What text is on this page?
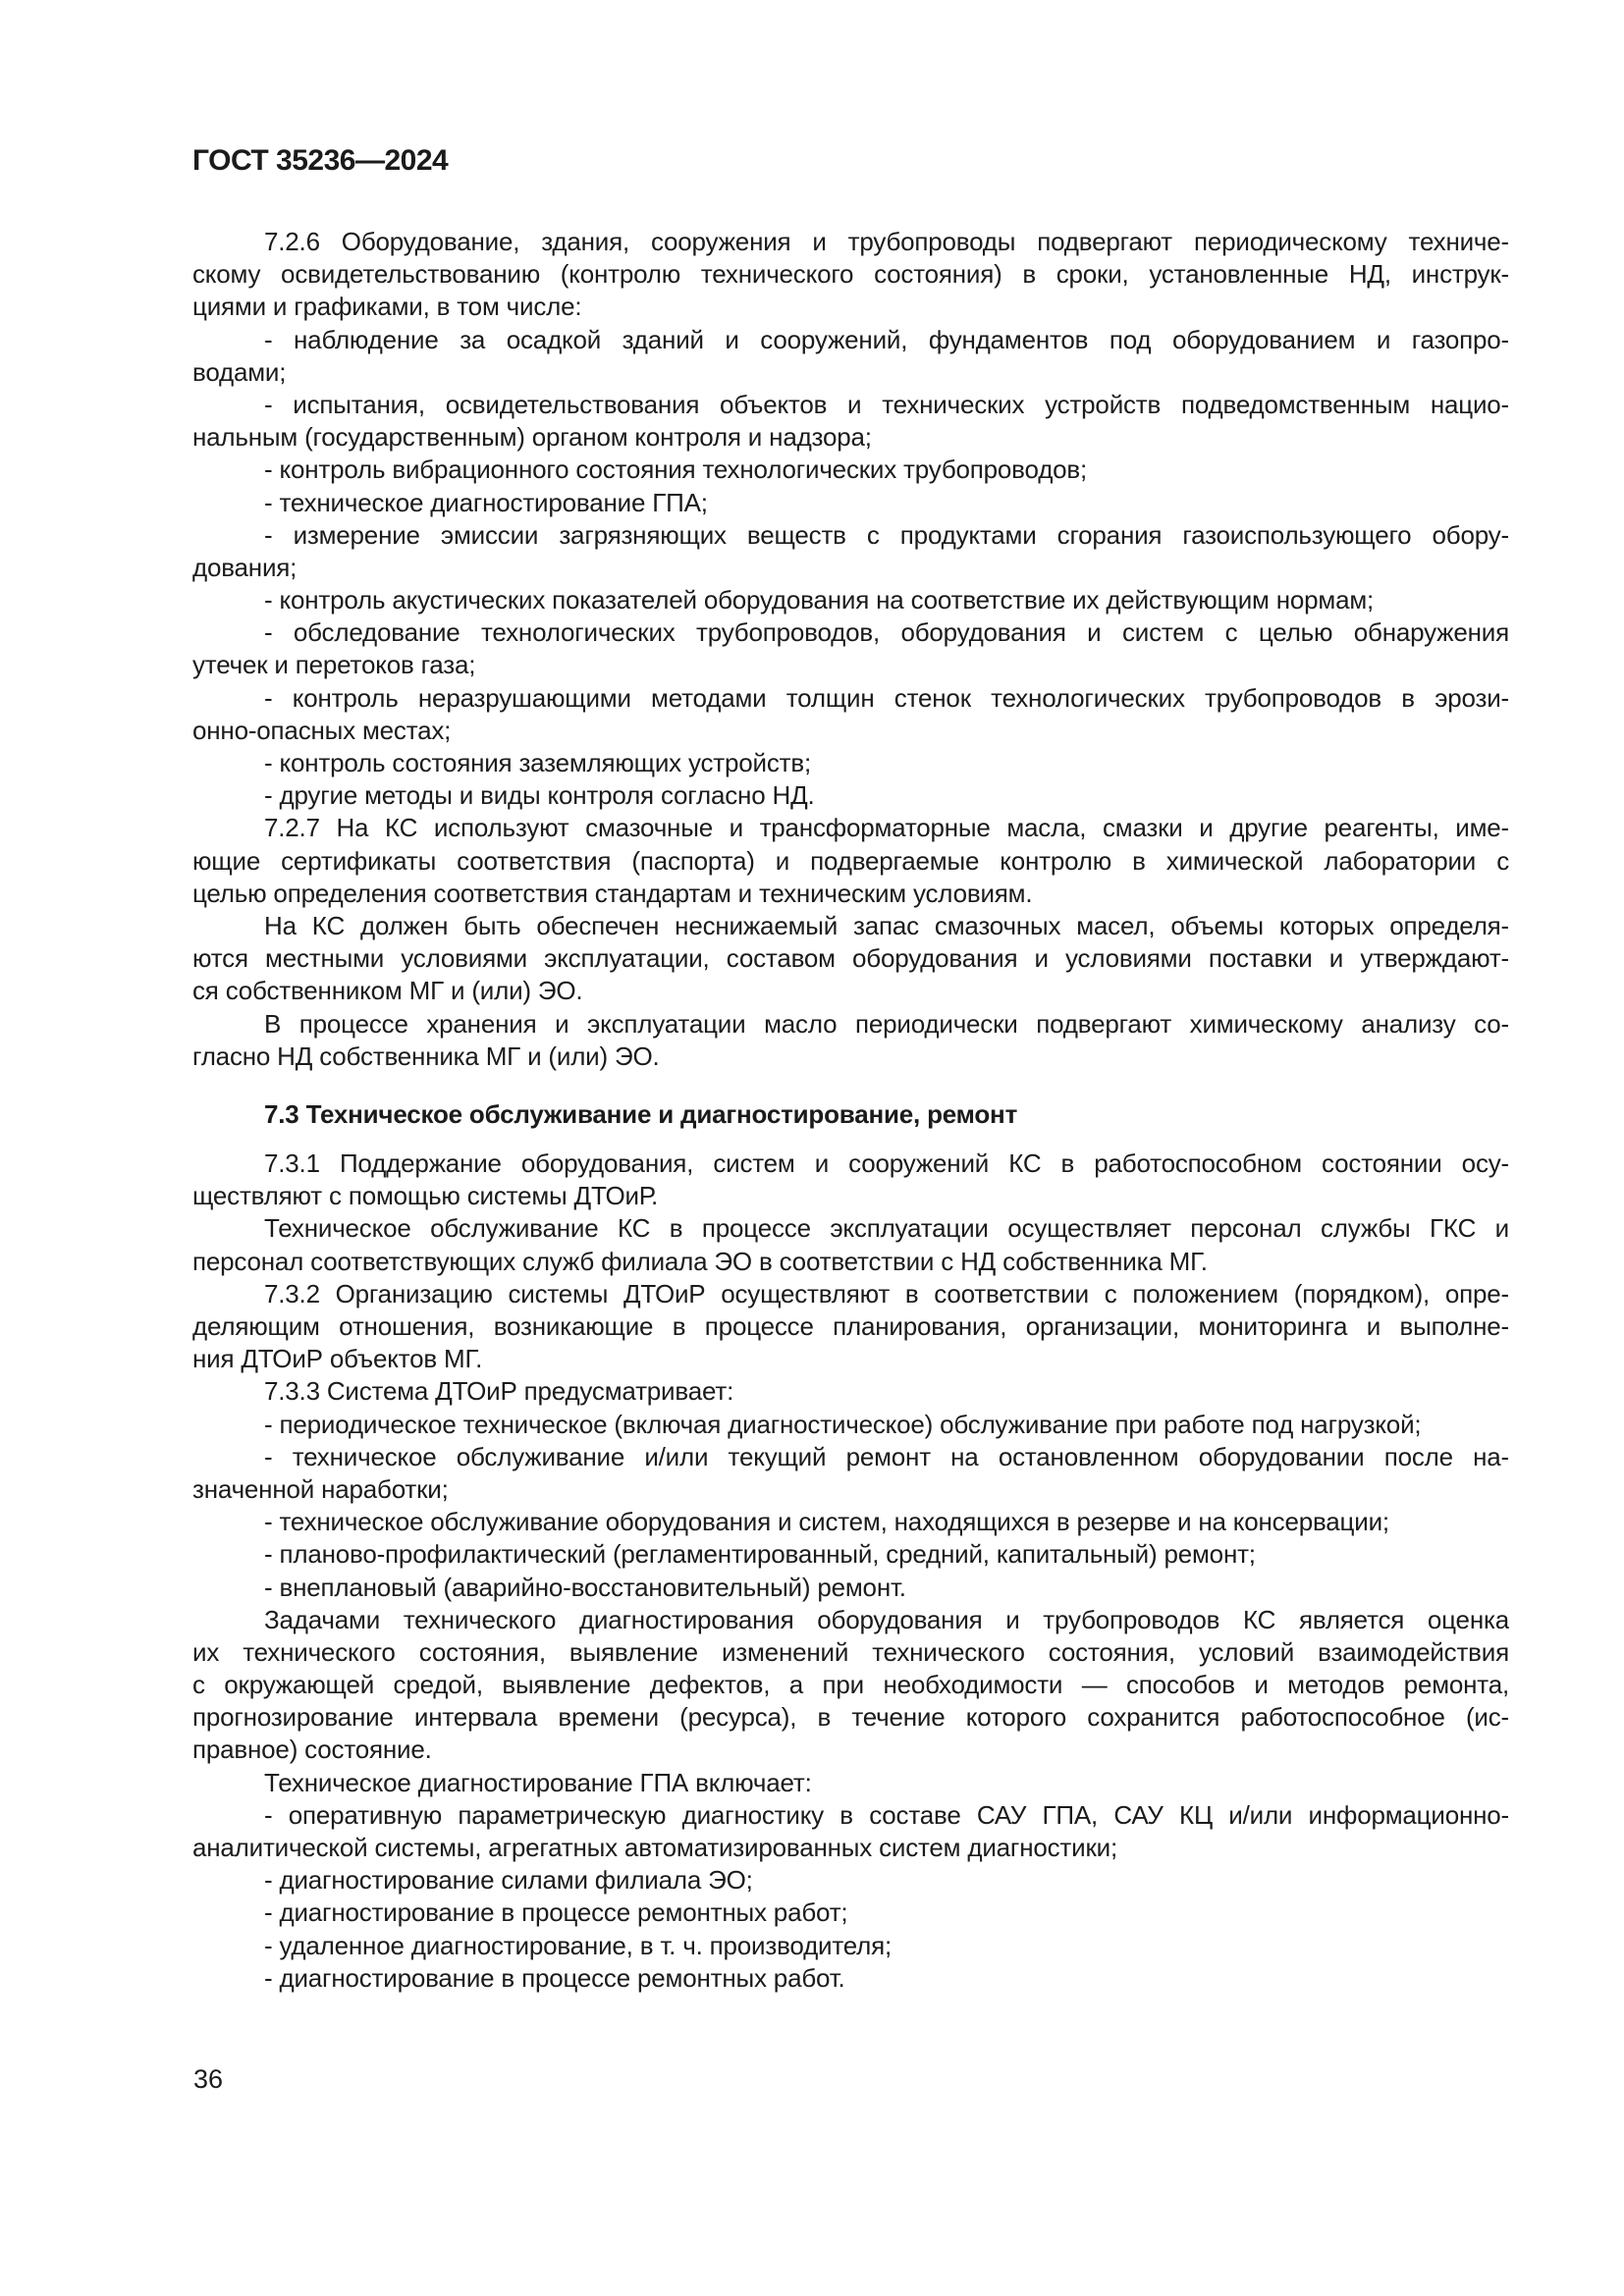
ГОСТ 35236—2024
7.2.6 Оборудование, здания, сооружения и трубопроводы подвергают периодическому техниче-
скому освидетельствованию (контролю технического состояния) в сроки, установленные НД, инструк-
циями и графиками, в том числе:
- наблюдение за осадкой зданий и сооружений, фундаментов под оборудованием и газопро-
водами;
- испытания, освидетельствования объектов и технических устройств подведомственным нацио-
нальным (государственным) органом контроля и надзора;
- контроль вибрационного состояния технологических трубопроводов;
- техническое диагностирование ГПА;
- измерение эмиссии загрязняющих веществ с продуктами сгорания газоиспользующего обору-
дования;
- контроль акустических показателей оборудования на соответствие их действующим нормам;
- обследование технологических трубопроводов, оборудования и систем с целью обнаружения
утечек и перетоков газа;
- контроль неразрушающими методами толщин стенок технологических трубопроводов в эрози-
онно-опасных местах;
- контроль состояния заземляющих устройств;
- другие методы и виды контроля согласно НД.
7.2.7 На КС используют смазочные и трансформаторные масла, смазки и другие реагенты, име-
ющие сертификаты соответствия (паспорта) и подвергаемые контролю в химической лаборатории с
целью определения соответствия стандартам и техническим условиям.
На КС должен быть обеспечен неснижаемый запас смазочных масел, объемы которых определя-
ются местными условиями эксплуатации, составом оборудования и условиями поставки и утверждают-
ся собственником МГ и (или) ЭО.
В процессе хранения и эксплуатации масло периодически подвергают химическому анализу со-
гласно НД собственника МГ и (или) ЭО.
7.3 Техническое обслуживание и диагностирование, ремонт
7.3.1 Поддержание оборудования, систем и сооружений КС в работоспособном состоянии осу-
ществляют с помощью системы ДТОиР.
Техническое обслуживание КС в процессе эксплуатации осуществляет персонал службы ГКС и
персонал соответствующих служб филиала ЭО в соответствии с НД собственника МГ.
7.3.2 Организацию системы ДТОиР осуществляют в соответствии с положением (порядком), опре-
деляющим отношения, возникающие в процессе планирования, организации, мониторинга и выполне-
ния ДТОиР объектов МГ.
7.3.3 Система ДТОиР предусматривает:
- периодическое техническое (включая диагностическое) обслуживание при работе под нагрузкой;
- техническое обслуживание и/или текущий ремонт на остановленном оборудовании после на-
значенной наработки;
- техническое обслуживание оборудования и систем, находящихся в резерве и на консервации;
- планово-профилактический (регламентированный, средний, капитальный) ремонт;
- внеплановый (аварийно-восстановительный) ремонт.
Задачами технического диагностирования оборудования и трубопроводов КС является оценка
их технического состояния, выявление изменений технического состояния, условий взаимодействия
с окружающей средой, выявление дефектов, а при необходимости — способов и методов ремонта,
прогнозирование интервала времени (ресурса), в течение которого сохранится работоспособное (ис-
правное) состояние.
Техническое диагностирование ГПА включает:
- оперативную параметрическую диагностику в составе САУ ГПА, САУ КЦ и/или информационно-
аналитической системы, агрегатных автоматизированных систем диагностики;
- диагностирование силами филиала ЭО;
- диагностирование в процессе ремонтных работ;
- удаленное диагностирование, в т. ч. производителя;
- диагностирование в процессе ремонтных работ.
36
